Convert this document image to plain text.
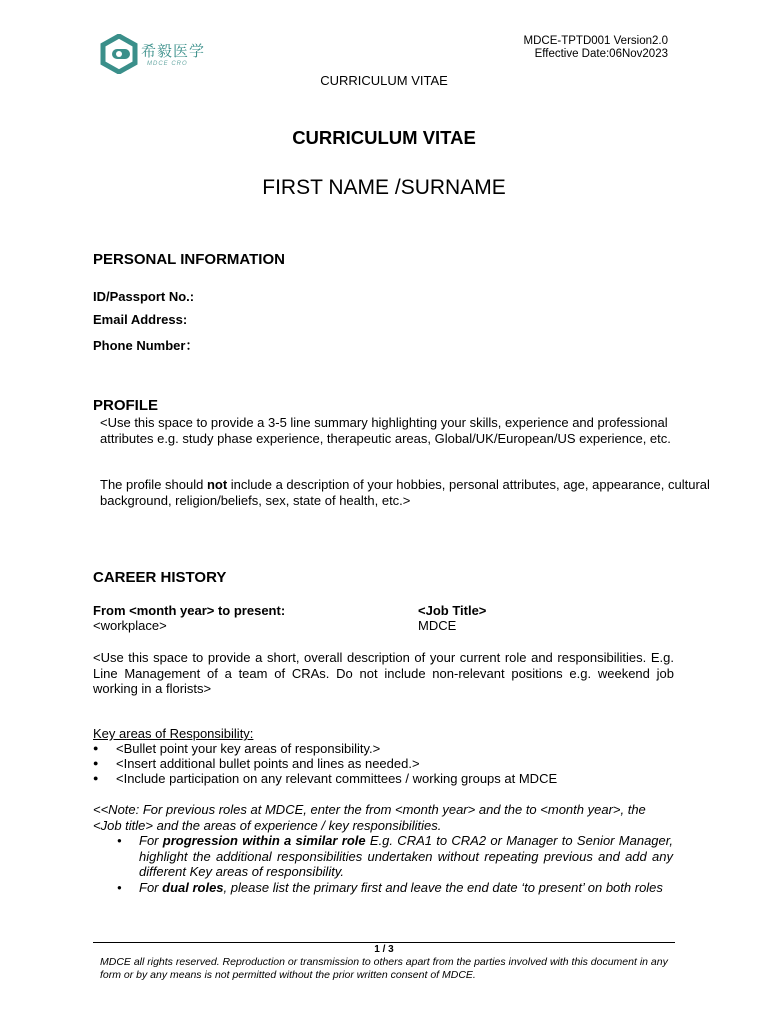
希毅医学
MDCE CRO
MDCE-TPTD001 Version2.0
Effective Date:06Nov2023
CURRICULUM VITAE
CURRICULUM VITAE
FIRST NAME /SURNAME
PERSONAL INFORMATION
ID/Passport No.:
Email Address:
Phone Number：
PROFILE
<Use this space to provide a 3-5 line summary highlighting your skills, experience and professional attributes e.g. study phase experience, therapeutic areas, Global/UK/European/US experience, etc.
The profile should not include a description of your hobbies, personal attributes, age, appearance, cultural background, religion/beliefs, sex, state of health, etc.>
CAREER HISTORY
From <month year> to present:	<Job Title>
<workplace>	MDCE
<Use this space to provide a short, overall description of your current role and responsibilities. E.g. Line Management of a team of CRAs. Do not include non-relevant positions e.g. weekend job working in a florists>
Key areas of Responsibility:
● <Bullet point your key areas of responsibility.>
● <Insert additional bullet points and lines as needed.>
● <Include participation on any relevant committees / working groups at MDCE
<<Note: For previous roles at MDCE, enter the from <month year> and the to <month year>, the <Job title> and the areas of experience / key responsibilities.
● For progression within a similar role E.g. CRA1 to CRA2 or Manager to Senior Manager, highlight the additional responsibilities undertaken without repeating previous and add any different Key areas of responsibility.
● For dual roles, please list the primary first and leave the end date ‘to present’ on both roles
1 / 3
MDCE all rights reserved. Reproduction or transmission to others apart from the parties involved with this document in any form or by any means is not permitted without the prior written consent of MDCE.
